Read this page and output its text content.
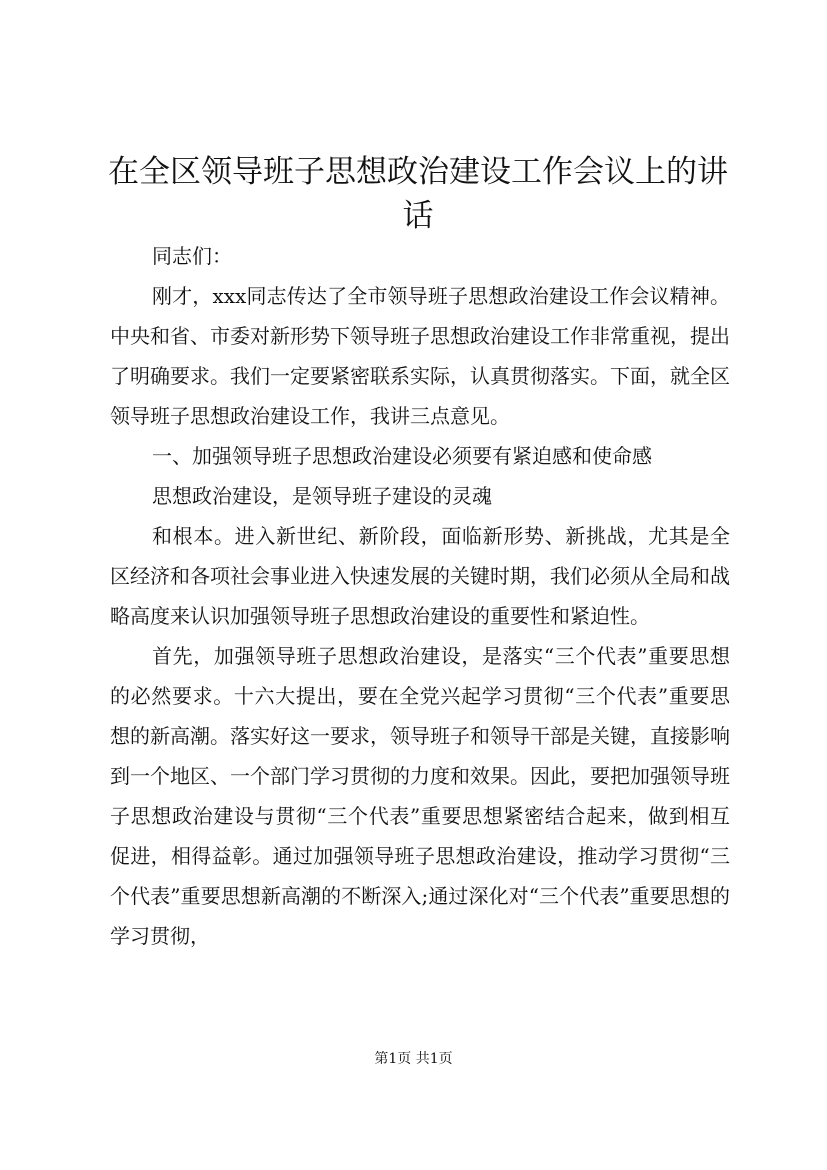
在全区领导班子思想政治建设工作会议上的讲话

同志们：

刚才，xxx同志传达了全市领导班子思想政治建设工作会议精神。中央和省、市委对新形势下领导班子思想政治建设工作非常重视，提出了明确要求。我们一定要紧密联系实际，认真贯彻落实。下面，就全区领导班子思想政治建设工作，我讲三点意见。

一、加强领导班子思想政治建设必须要有紧迫感和使命感

思想政治建设，是领导班子建设的灵魂

和根本。进入新世纪、新阶段，面临新形势、新挑战，尤其是全区经济和各项社会事业进入快速发展的关键时期，我们必须从全局和战略高度来认识加强领导班子思想政治建设的重要性和紧迫性。

首先，加强领导班子思想政治建设，是落实“三个代表”重要思想的必然要求。十六大提出，要在全党兴起学习贯彻“三个代表”重要思想的新高潮。落实好这一要求，领导班子和领导干部是关键，直接影响到一个地区、一个部门学习贯彻的力度和效果。因此，要把加强领导班子思想政治建设与贯彻“三个代表”重要思想紧密结合起来，做到相互促进，相得益彰。通过加强领导班子思想政治建设，推动学习贯彻“三个代表”重要思想新高潮的不断深入;通过深化对“三个代表”重要思想的学习贯彻，

第1页 共1页
